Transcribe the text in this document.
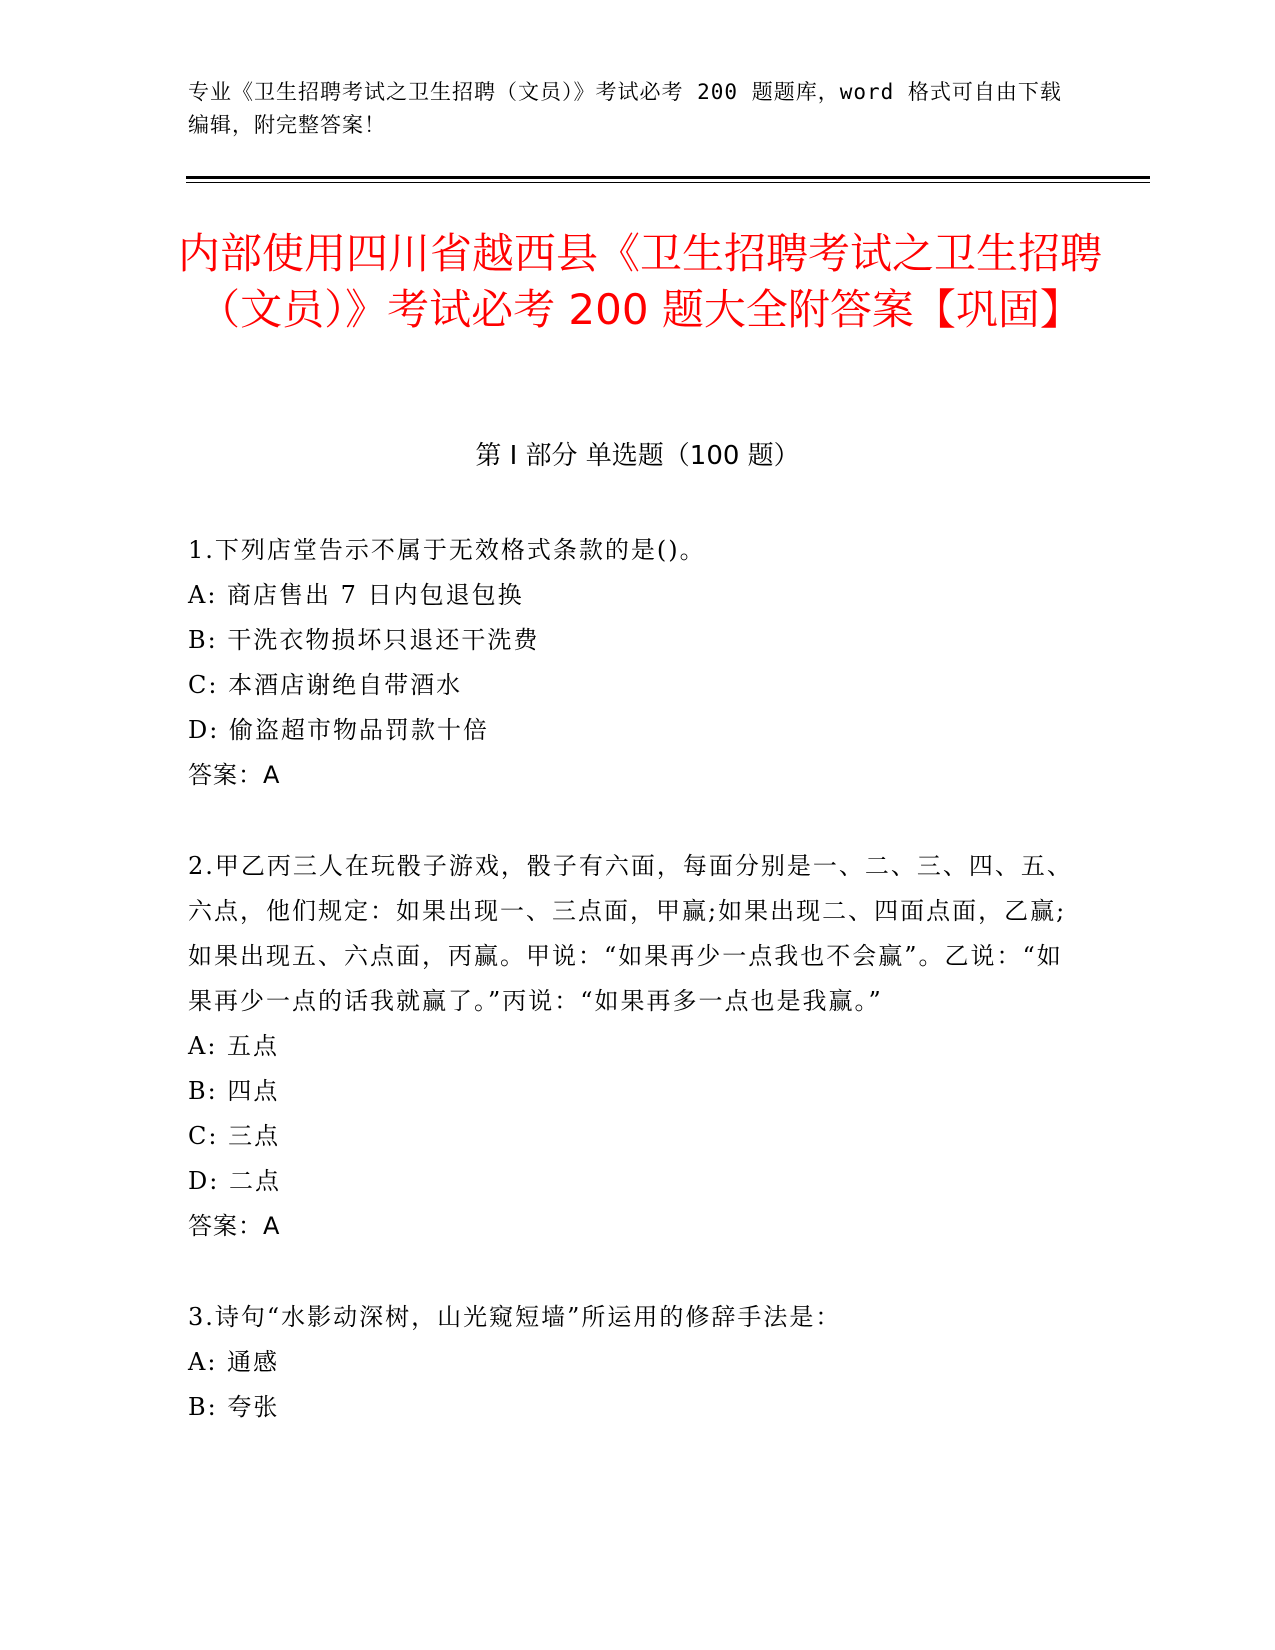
专业《卫生招聘考试之卫生招聘（文员）》考试必考 200 题题库，word 格式可自由下载编辑，附完整答案！
内部使用四川省越西县《卫生招聘考试之卫生招聘（文员）》考试必考 200 题大全附答案【巩固】
第 I 部分 单选题（100 题）
1.下列店堂告示不属于无效格式条款的是()。
A: 商店售出 7 日内包退包换
B: 干洗衣物损坏只退还干洗费
C: 本酒店谢绝自带酒水
D: 偷盗超市物品罚款十倍
答案：A
2.甲乙丙三人在玩骰子游戏，骰子有六面，每面分别是一、二、三、四、五、六点，他们规定：如果出现一、三点面，甲赢;如果出现二、四面点面，乙赢;如果出现五、六点面，丙赢。甲说：“如果再少一点我也不会赢”。乙说：“如果再少一点的话我就赢了。”丙说：“如果再多一点也是我赢。”
A: 五点
B: 四点
C: 三点
D: 二点
答案：A
3.诗句“水影动深树，山光窥短墙”所运用的修辞手法是：
A: 通感
B: 夸张
